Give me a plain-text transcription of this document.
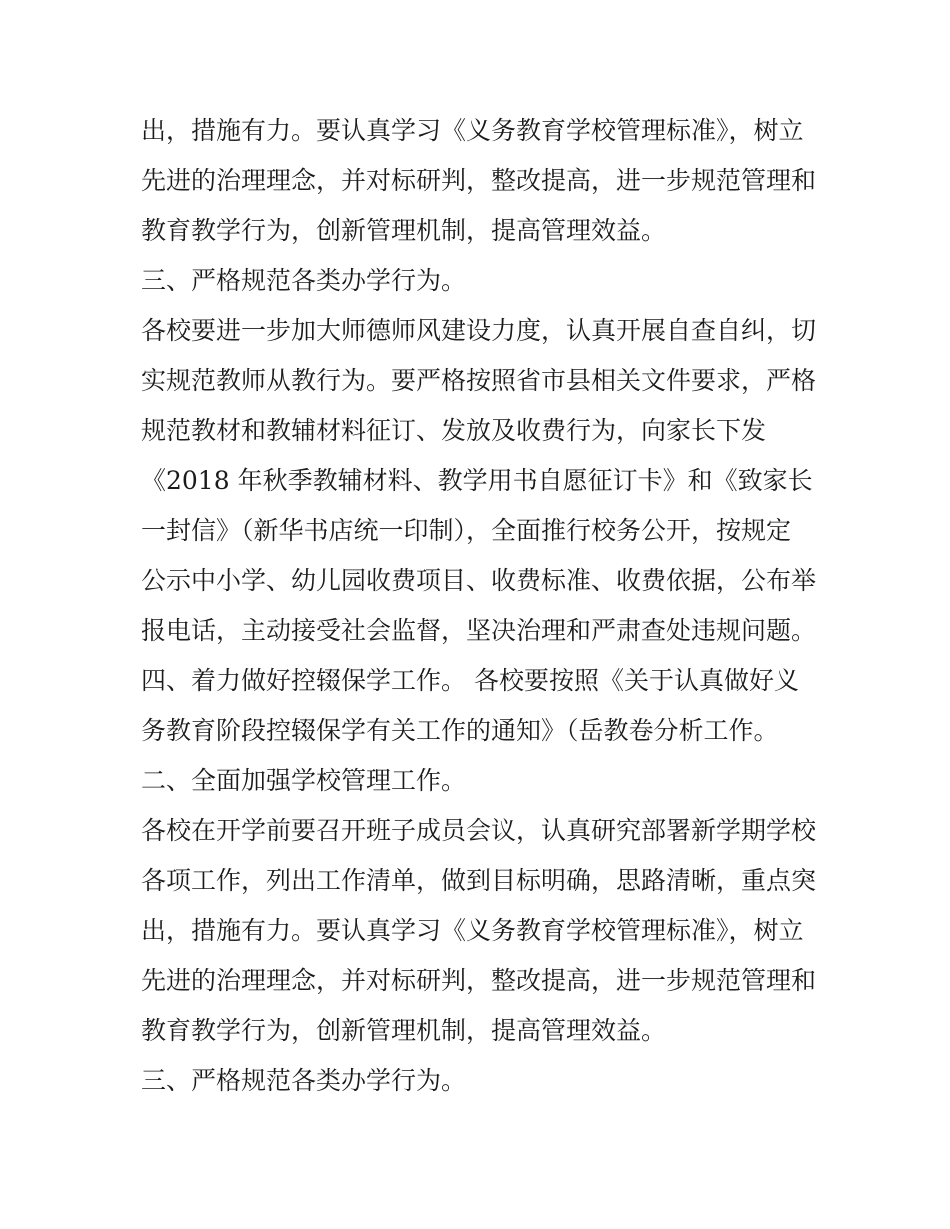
出，措施有力。要认真学习《义务教育学校管理标准》，树立
先进的治理理念，并对标研判，整改提高，进一步规范管理和
教育教学行为，创新管理机制，提高管理效益。
三、严格规范各类办学行为。
各校要进一步加大师德师风建设力度，认真开展自查自纠，切
实规范教师从教行为。要严格按照省市县相关文件要求，严格
规范教材和教辅材料征订、发放及收费行为，向家长下发
《2018 年秋季教辅材料、教学用书自愿征订卡》和《致家长
一封信》（新华书店统一印制），全面推行校务公开，按规定
公示中小学、幼儿园收费项目、收费标准、收费依据，公布举
报电话，主动接受社会监督，坚决治理和严肃查处违规问题。
四、着力做好控辍保学工作。 各校要按照《关于认真做好义
务教育阶段控辍保学有关工作的通知》（岳教卷分析工作。
二、全面加强学校管理工作。
各校在开学前要召开班子成员会议，认真研究部署新学期学校
各项工作，列出工作清单，做到目标明确，思路清晰，重点突
出，措施有力。要认真学习《义务教育学校管理标准》，树立
先进的治理理念，并对标研判，整改提高，进一步规范管理和
教育教学行为，创新管理机制，提高管理效益。
三、严格规范各类办学行为。
